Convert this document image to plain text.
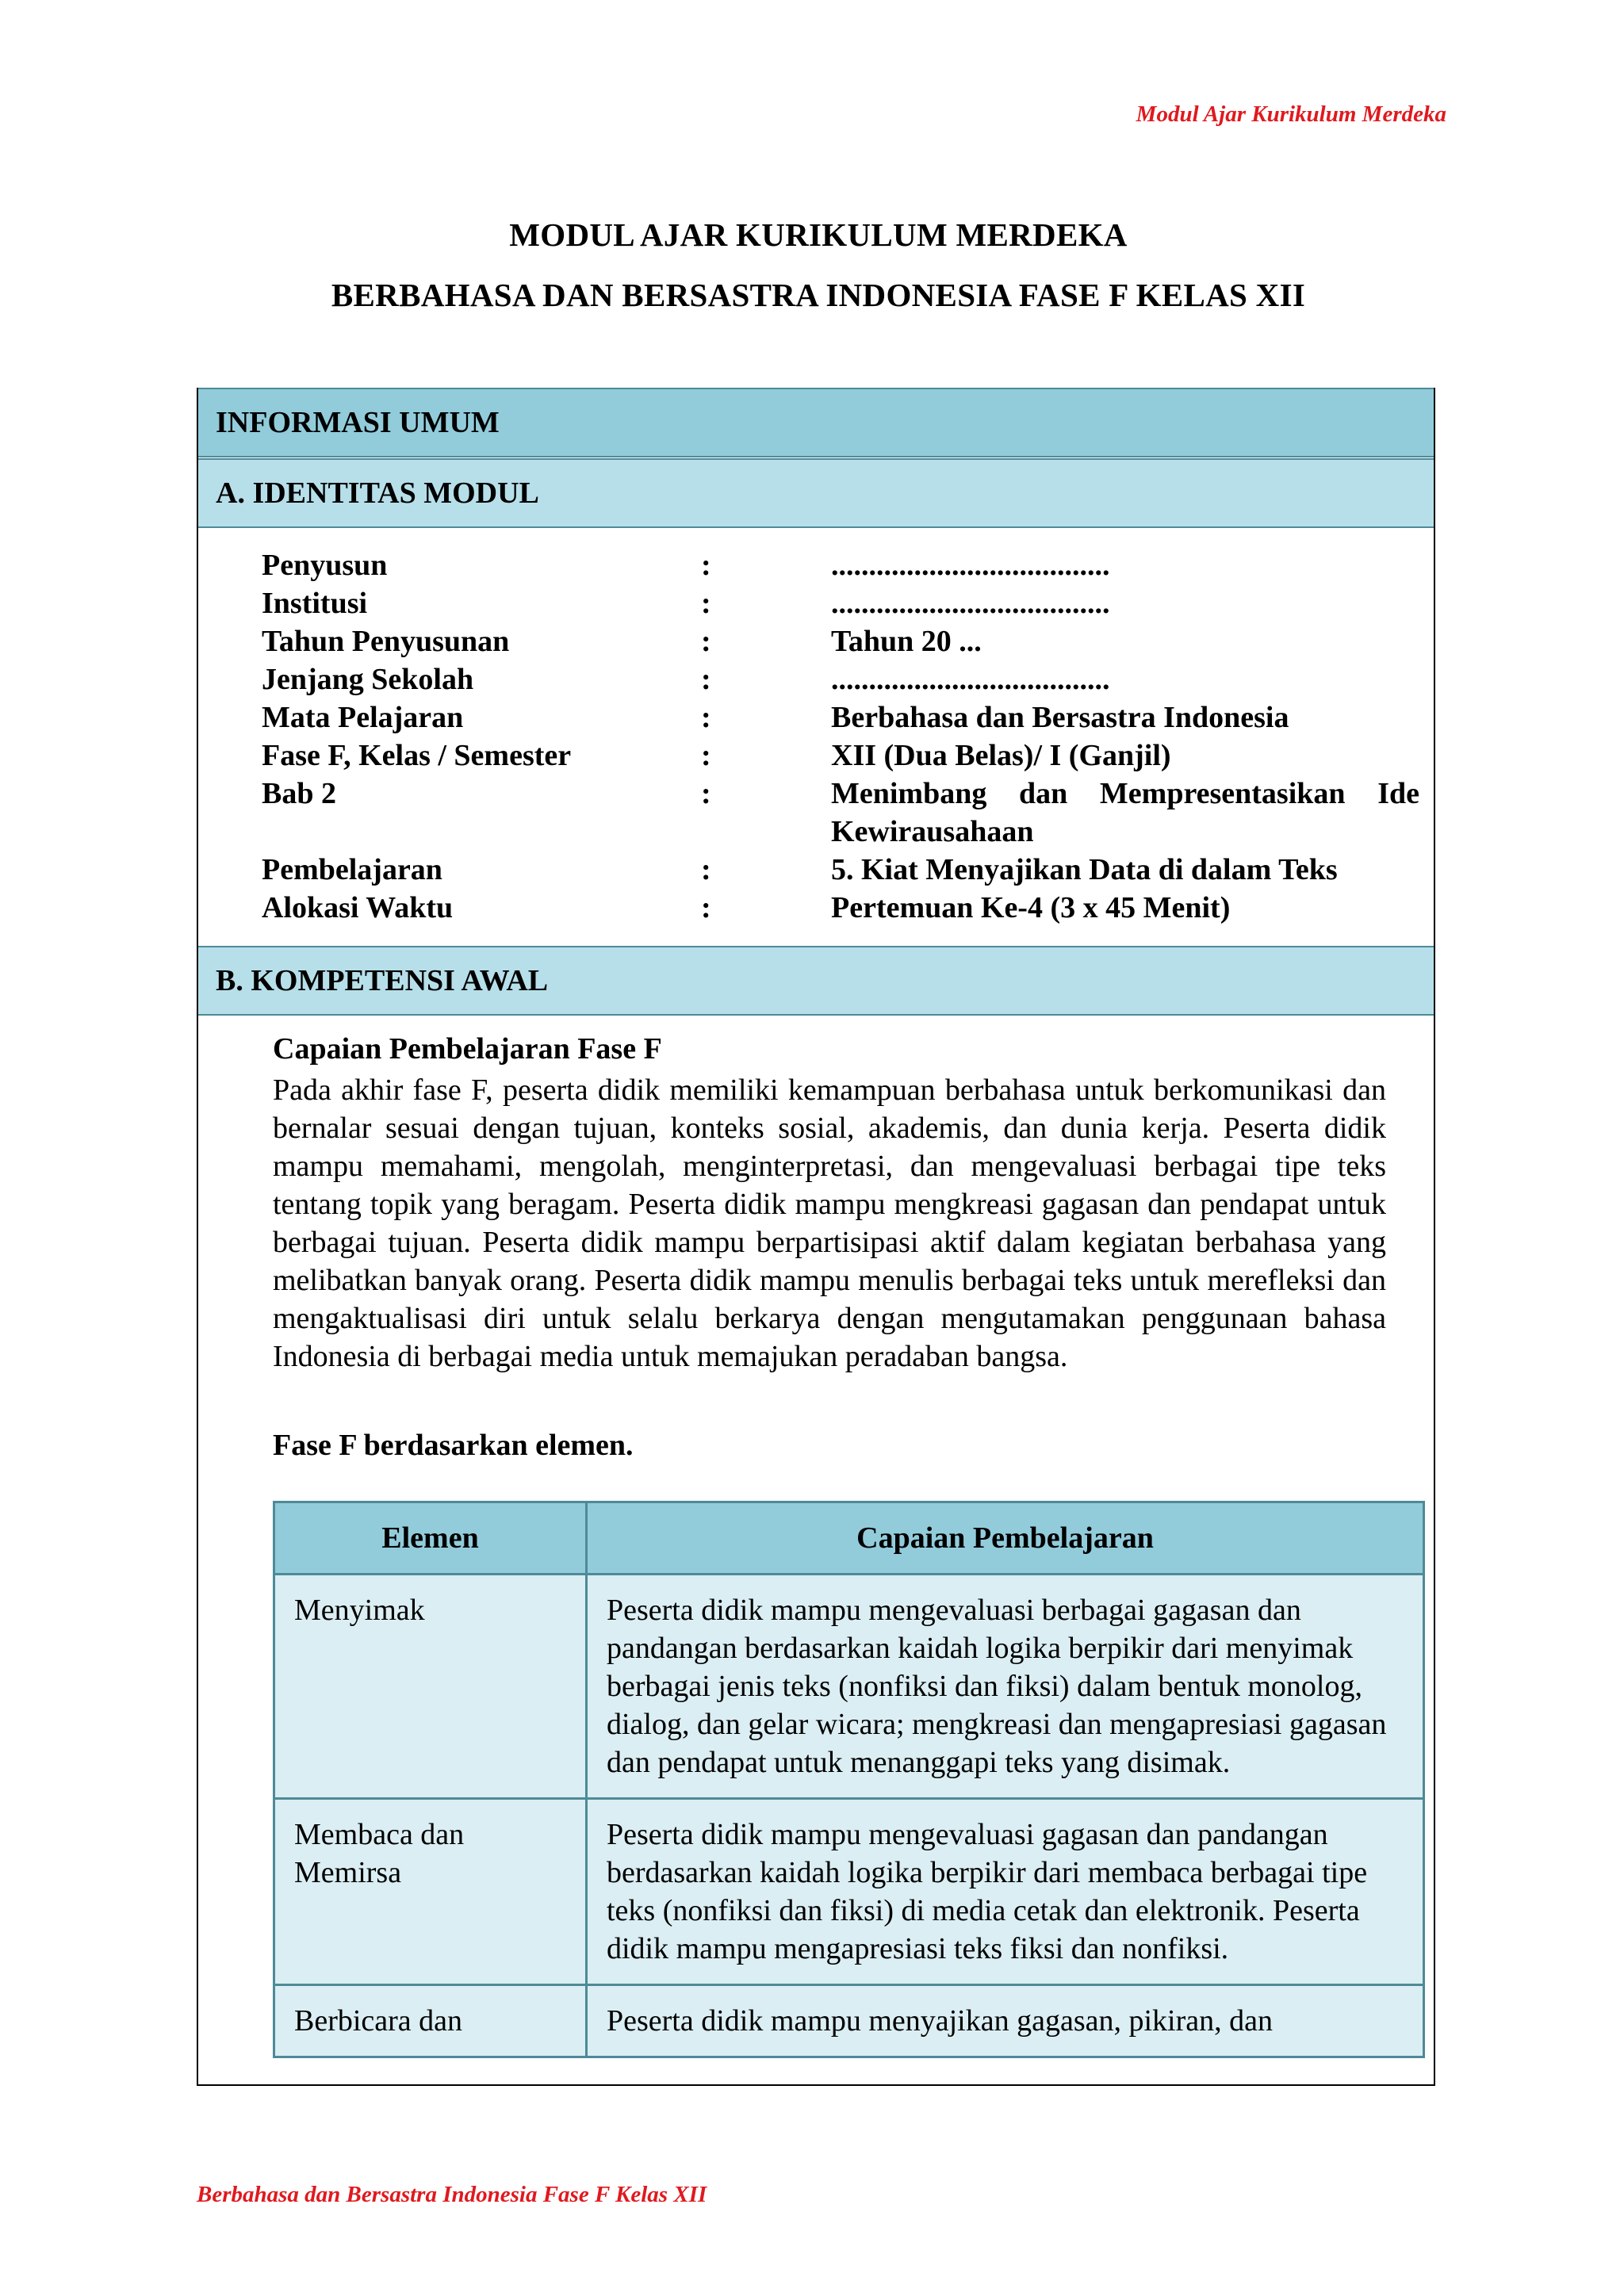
Modul Ajar Kurikulum Merdeka
MODUL AJAR KURIKULUM MERDEKA
BERBAHASA DAN BERSASTRA INDONESIA FASE F KELAS XII
INFORMASI UMUM
A. IDENTITAS MODUL
Penyusun	:	.....................................
Institusi	:	.....................................
Tahun Penyusunan	:	Tahun 20 ...
Jenjang Sekolah	:	.....................................
Mata Pelajaran	:	Berbahasa dan Bersastra Indonesia
Fase F, Kelas / Semester	:	XII (Dua Belas)/ I (Ganjil)
Bab 2	:	Menimbang dan Mempresentasikan Ide Kewirausahaan
Pembelajaran	:	5. Kiat Menyajikan Data di dalam Teks
Alokasi Waktu	:	Pertemuan Ke-4 (3 x 45 Menit)
B. KOMPETENSI AWAL
Capaian Pembelajaran Fase F
Pada akhir fase F, peserta didik memiliki kemampuan berbahasa untuk berkomunikasi dan bernalar sesuai dengan tujuan, konteks sosial, akademis, dan dunia kerja. Peserta didik mampu memahami, mengolah, menginterpretasi, dan mengevaluasi berbagai tipe teks tentang topik yang beragam. Peserta didik mampu mengkreasi gagasan dan pendapat untuk berbagai tujuan. Peserta didik mampu berpartisipasi aktif dalam kegiatan berbahasa yang melibatkan banyak orang. Peserta didik mampu menulis berbagai teks untuk merefleksi dan mengaktualisasi diri untuk selalu berkarya dengan mengutamakan penggunaan bahasa Indonesia di berbagai media untuk memajukan peradaban bangsa.
Fase F berdasarkan elemen.
Elemen	Capaian Pembelajaran
Menyimak	Peserta didik mampu mengevaluasi berbagai gagasan dan pandangan berdasarkan kaidah logika berpikir dari menyimak berbagai jenis teks (nonfiksi dan fiksi) dalam bentuk monolog, dialog, dan gelar wicara; mengkreasi dan mengapresiasi gagasan dan pendapat untuk menanggapi teks yang disimak.
Membaca dan Memirsa	Peserta didik mampu mengevaluasi gagasan dan pandangan berdasarkan kaidah logika berpikir dari membaca berbagai tipe teks (nonfiksi dan fiksi) di media cetak dan elektronik. Peserta didik mampu mengapresiasi teks fiksi dan nonfiksi.
Berbicara dan	Peserta didik mampu menyajikan gagasan, pikiran, dan
Berbahasa dan Bersastra Indonesia Fase F Kelas XII
